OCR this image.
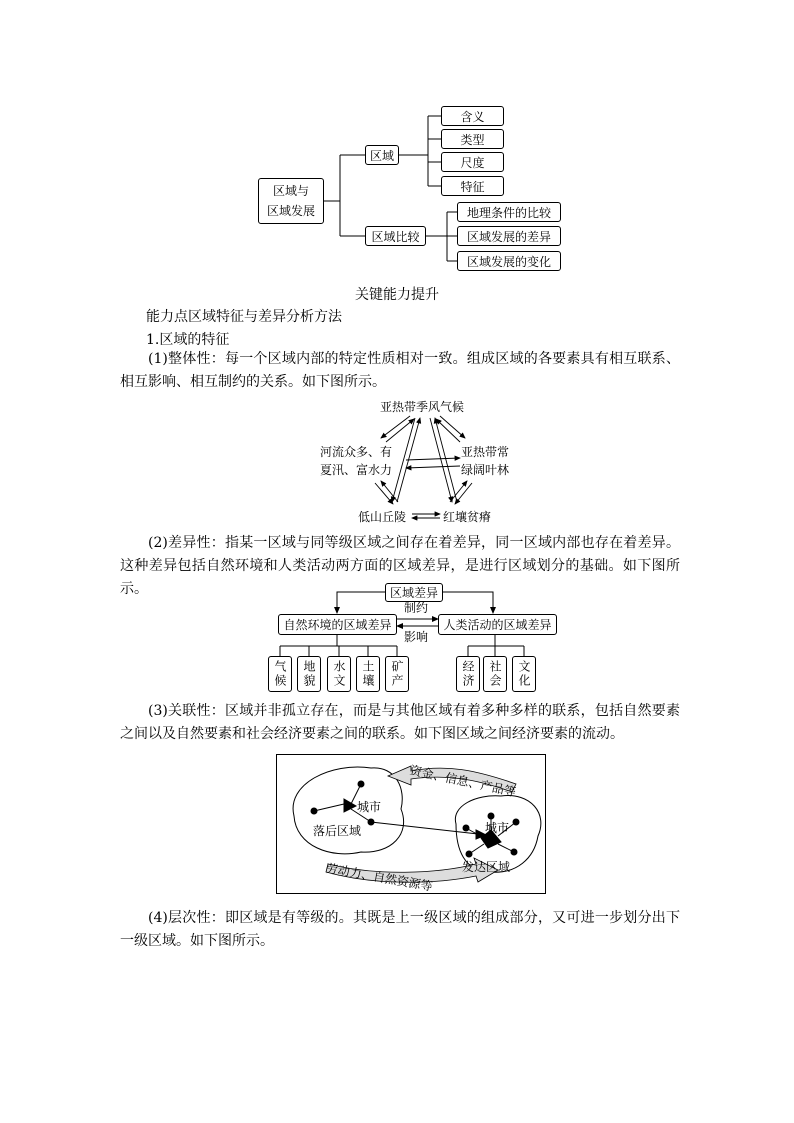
区域与
区域发展
区域
区域比较
含义
类型
尺度
特征
地理条件的比较
区域发展的差异
区域发展的变化
关键能力提升
能力点区域特征与差异分析方法
1.区域的特征
(1)整体性：每一个区域内部的特定性质相对一致。组成区域的各要素具有相互联系、相互影响、相互制约的关系。如下图所示。
亚热带季风气候
河流众多、有
夏汛、富水力
亚热带常
绿阔叶林
低山丘陵	红壤贫瘠
(2)差异性：指某一区域与同等级区域之间存在着差异，同一区域内部也存在着差异。这种差异包括自然环境和人类活动两方面的区域差异，是进行区域划分的基础。如下图所示。	区域差异
自然环境的区域差异	人类活动的区域差异
制约
影响
气候 地貌 水文 土壤 矿产	经济 社会 文化
(3)关联性：区域并非孤立存在，而是与其他区域有着多种多样的联系，包括自然要素之间以及自然要素和社会经济要素之间的联系。如下图区域之间经济要素的流动。
资金、信息、产品等
劳动力、自然资源等
城市
落后区域	城市
发达区域
(4)层次性：即区域是有等级的。其既是上一级区域的组成部分，又可进一步划分出下一级区域。如下图所示。
